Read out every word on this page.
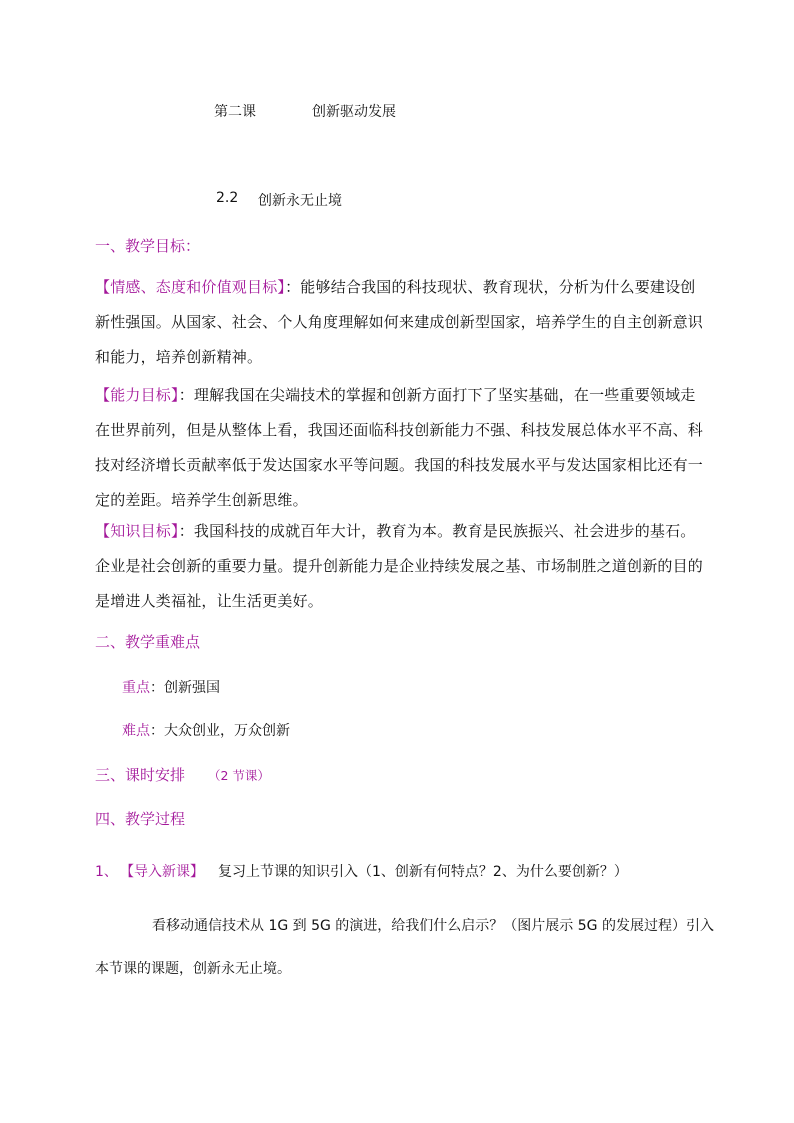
第二课	创新驱动发展
2.2 创新永无止境
一、教学目标：
【情感、态度和价值观目标】：能够结合我国的科技现状、教育现状，分析为什么要建设创新性强国。从国家、社会、个人角度理解如何来建成创新型国家，培养学生的自主创新意识和能力，培养创新精神。
【能力目标】：理解我国在尖端技术的掌握和创新方面打下了坚实基础，在一些重要领域走在世界前列，但是从整体上看，我国还面临科技创新能力不强、科技发展总体水平不高、科技对经济增长贡献率低于发达国家水平等问题。我国的科技发展水平与发达国家相比还有一定的差距。培养学生创新思维。
【知识目标】：我国科技的成就百年大计，教育为本。教育是民族振兴、社会进步的基石。企业是社会创新的重要力量。提升创新能力是企业持续发展之基、市场制胜之道创新的目的是增进人类福祉，让生活更美好。
二、教学重难点
重点：创新强国
难点：大众创业，万众创新
三、课时安排 （2 节课）
四、教学过程
1、 【导入新课】 复习上节课的知识引入（1、创新有何特点？2、为什么要创新？）
看移动通信技术从 1G 到 5G 的演进，给我们什么启示？（图片展示 5G 的发展过程）引入
本节课的课题，创新永无止境。
